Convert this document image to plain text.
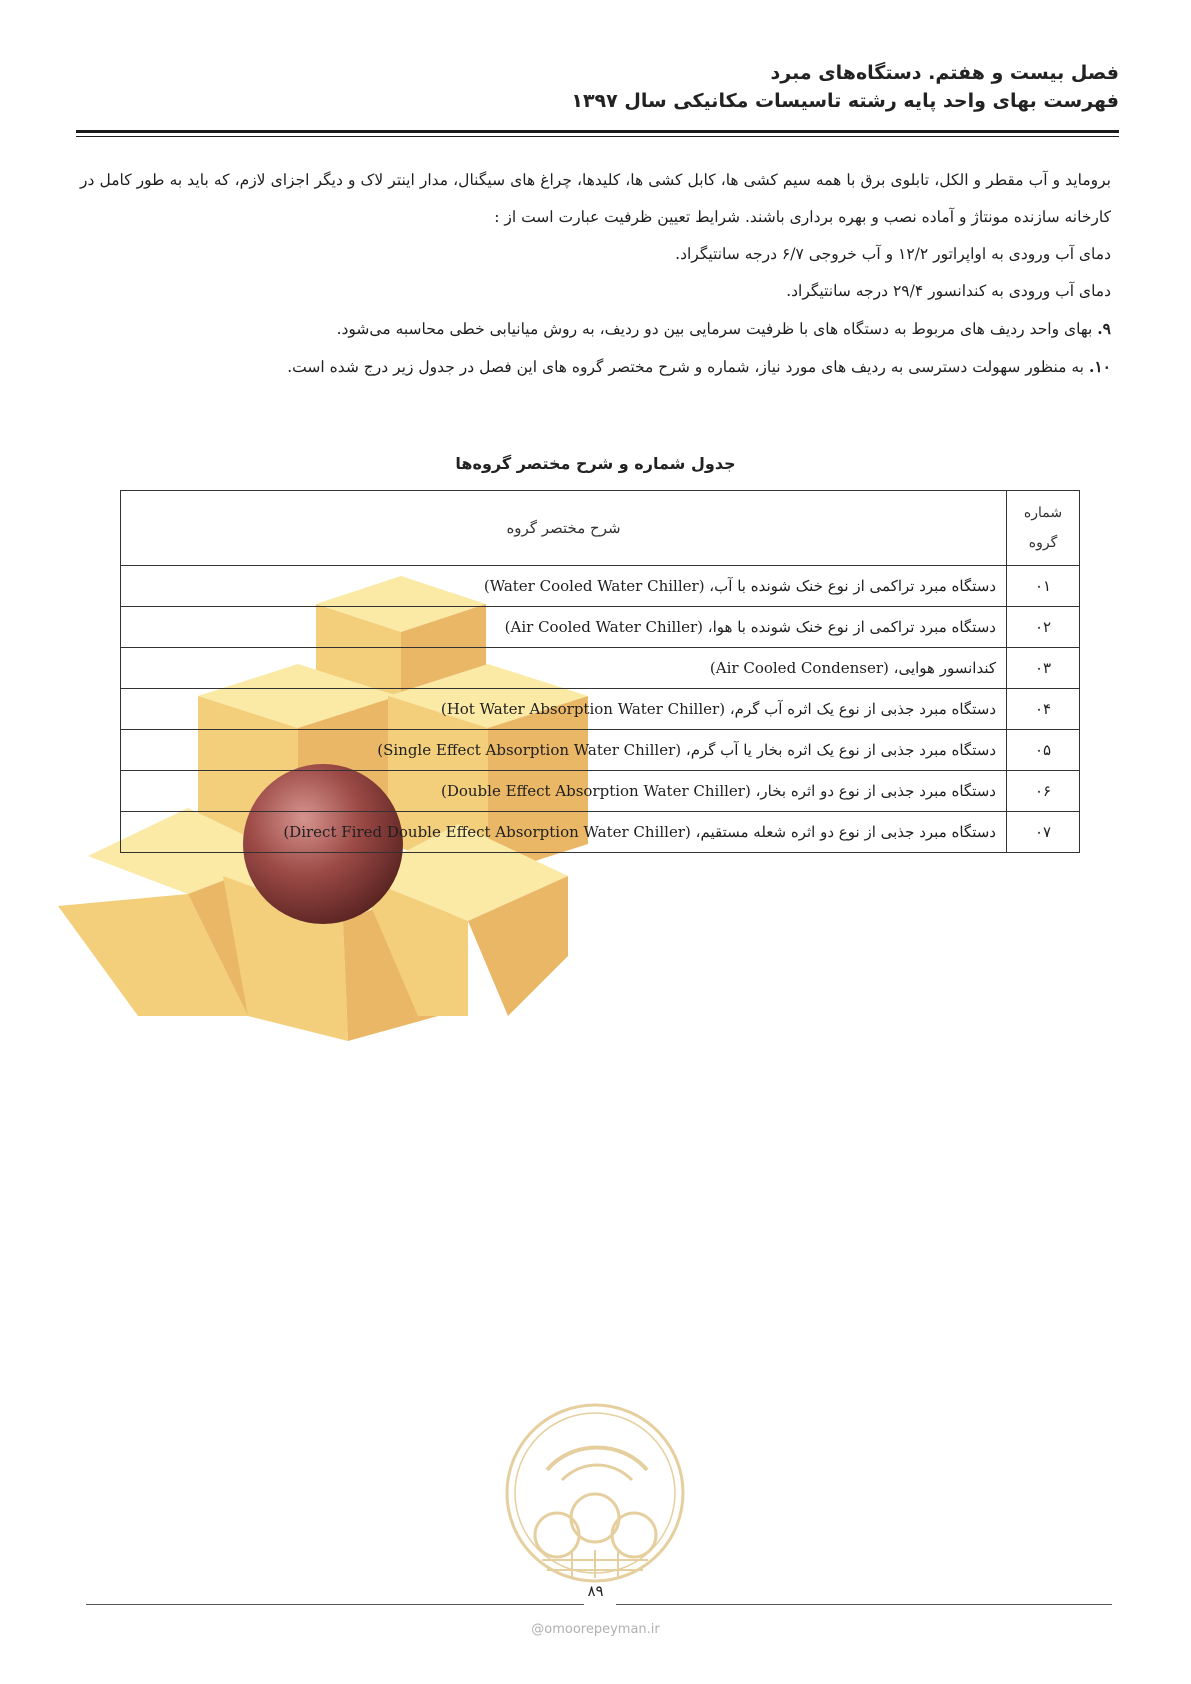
فصل بیست و هفتم. دستگاه‌های مبرد
فهرست بهای واحد پایه رشته تاسیسات مکانیکی سال ۱۳۹۷

برومايد و آب مقطر و الكل، تابلوی برق با همه سیم کشی ها، کابل کشی ها، کلیدها، چراغ های سیگنال، مدار اينتر لاک و ديگر اجزای لازم، که باید به طور کامل در کارخانه سازنده مونتاژ و آماده نصب و بهره برداری باشند. شرایط تعیین ظرفیت عبارت است از :

دمای آب ورودی به اواپراتور ۱۲/۲ و آب خروجی ۶/۷ درجه سانتیگراد.

دمای آب ورودی به کندانسور ۲۹/۴ درجه سانتیگراد.

۹. بهای واحد ردیف های مربوط به دستگاه های با ظرفیت سرمایی بین دو ردیف، به روش میانیابی خطی محاسبه می‌شود.

۱۰. به منظور سهولت دسترسی به ردیف های مورد نیاز، شماره و شرح مختصر گروه های این فصل در جدول زیر درج شده است.

جدول شماره و شرح مختصر گروه‌ها
شماره
گروه	شرح مختصر گروه
۰۱	دستگاه مبرد تراکمی از نوع خنک شونده با آب، (Water Cooled Water Chiller)
۰۲	دستگاه مبرد تراکمی از نوع خنک شونده با هوا، (Air Cooled Water Chiller)
۰۳	کندانسور هوایی، (Air Cooled Condenser)
۰۴	دستگاه مبرد جذبی از نوع یک اثره آب گرم، (Hot Water Absorption Water Chiller)
۰۵	دستگاه مبرد جذبی از نوع یک اثره بخار یا آب گرم، (Single Effect Absorption Water Chiller)
۰۶	دستگاه مبرد جذبی از نوع دو اثره بخار، (Double Effect Absorption Water Chiller)
۰۷	دستگاه مبرد جذبی از نوع دو اثره شعله مستقیم، (Direct Fired Double Effect Absorption Water Chiller)
۸۹
@omoorepeyman.ir
